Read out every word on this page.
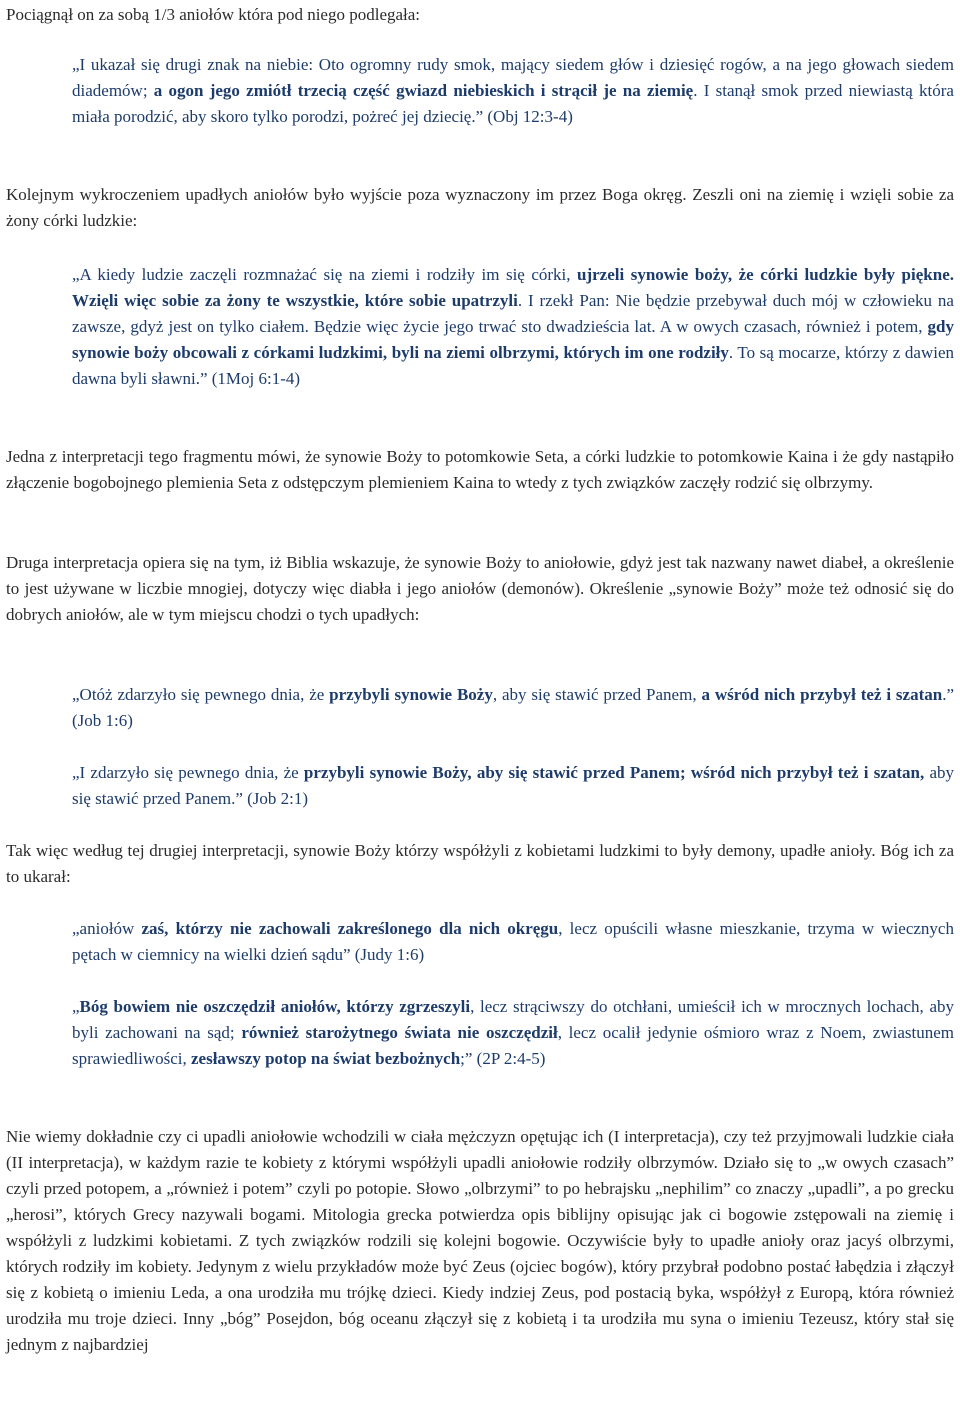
Pociągnął on za sobą 1/3 aniołów która pod niego podlegała:

„I ukazał się drugi znak na niebie: Oto ogromny rudy smok, mający siedem głów i dziesięć rogów, a na jego głowach siedem diademów; a ogon jego zmiótł trzecią część gwiazd niebieskich i strącił je na ziemię. I stanął smok przed niewiastą która miała porodzić, aby skoro tylko porodzi, pożreć jej dziecię.” (Obj 12:3-4)

Kolejnym wykroczeniem upadłych aniołów było wyjście poza wyznaczony im przez Boga okręg. Zeszli oni na ziemię i wzięli sobie za żony córki ludzkie:

„A kiedy ludzie zaczęli rozmnażać się na ziemi i rodziły im się córki, ujrzeli synowie boży, że córki ludzkie były piękne. Wzięli więc sobie za żony te wszystkie, które sobie upatrzyli. I rzekł Pan: Nie będzie przebywał duch mój w człowieku na zawsze, gdyż jest on tylko ciałem. Będzie więc życie jego trwać sto dwadzieścia lat. A w owych czasach, również i potem, gdy synowie boży obcowali z córkami ludzkimi, byli na ziemi olbrzymi, których im one rodziły. To są mocarze, którzy z dawien dawna byli sławni.” (1Moj 6:1-4)

Jedna z interpretacji tego fragmentu mówi, że synowie Boży to potomkowie Seta, a córki ludzkie to potomkowie Kaina i że gdy nastąpiło złączenie bogobojnego plemienia Seta z odstępczym plemieniem Kaina to wtedy z tych związków zaczęły rodzić się olbrzymy.

Druga interpretacja opiera się na tym, iż Biblia wskazuje, że synowie Boży to aniołowie, gdyż jest tak nazwany nawet diabeł, a określenie to jest używane w liczbie mnogiej, dotyczy więc diabła i jego aniołów (demonów). Określenie „synowie Boży” może też odnosić się do dobrych aniołów, ale w tym miejscu chodzi o tych upadłych:

„Otóż zdarzyło się pewnego dnia, że przybyli synowie Boży, aby się stawić przed Panem, a wśród nich przybył też i szatan.” (Job 1:6)

„I zdarzyło się pewnego dnia, że przybyli synowie Boży, aby się stawić przed Panem; wśród nich przybył też i szatan, aby się stawić przed Panem.” (Job 2:1)

Tak więc według tej drugiej interpretacji, synowie Boży którzy współżyli z kobietami ludzkimi to były demony, upadłe anioły. Bóg ich za to ukarał:

„aniołów zaś, którzy nie zachowali zakreślonego dla nich okręgu, lecz opuścili własne mieszkanie, trzyma w wiecznych pętach w ciemnicy na wielki dzień sądu” (Judy 1:6)

„Bóg bowiem nie oszczędził aniołów, którzy zgrzeszyli, lecz strąciwszy do otchłani, umieścił ich w mrocznych lochach, aby byli zachowani na sąd; również starożytnego świata nie oszczędził, lecz ocalił jedynie ośmioro wraz z Noem, zwiastunem sprawiedliwości, zesławszy potop na świat bezbożnych;” (2P 2:4-5)

Nie wiemy dokładnie czy ci upadli aniołowie wchodzili w ciała mężczyzn opętując ich (I interpretacja), czy też przyjmowali ludzkie ciała (II interpretacja), w każdym razie te kobiety z którymi współżyli upadli aniołowie rodziły olbrzymów. Działo się to „w owych czasach” czyli przed potopem, a „również i potem” czyli po potopie. Słowo „olbrzymi” to po hebrajsku „nephilim” co znaczy „upadli”, a po grecku „herosi”, których Grecy nazywali bogami. Mitologia grecka potwierdza opis biblijny opisując jak ci bogowie zstępowali na ziemię i współżyli z ludzkimi kobietami. Z tych związków rodzili się kolejni bogowie. Oczywiście były to upadłe anioły oraz jacyś olbrzymi, których rodziły im kobiety. Jedynym z wielu przykładów może być Zeus (ojciec bogów), który przybrał podobno postać łabędzia i złączył się z kobietą o imieniu Leda, a ona urodziła mu trójkę dzieci. Kiedy indziej Zeus, pod postacią byka, współżył z Europą, która również urodziła mu troje dzieci. Inny „bóg” Posejdon, bóg oceanu złączył się z kobietą i ta urodziła mu syna o imieniu Tezeusz, który stał się jednym z najbardziej
